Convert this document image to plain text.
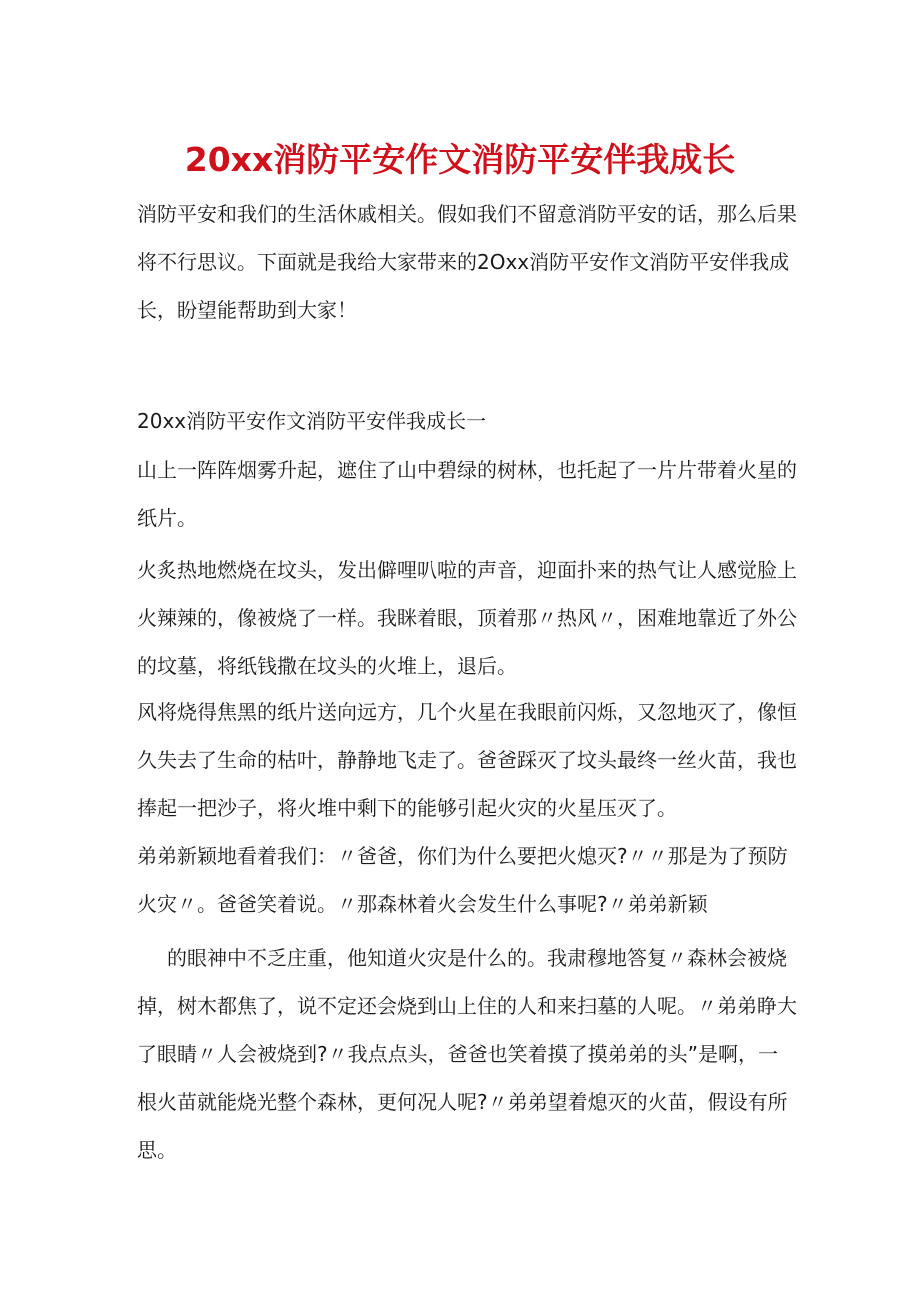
20xx消防平安作文消防平安伴我成长
消防平安和我们的生活休戚相关。假如我们不留意消防平安的话，那么后果
将不行思议。下面就是我给大家带来的2Oxx消防平安作文消防平安伴我成
长，盼望能帮助到大家！
20xx消防平安作文消防平安伴我成长一
山上一阵阵烟雾升起，遮住了山中碧绿的树林，也托起了一片片带着火星的
纸片。
火炙热地燃烧在坟头，发出僻哩叭啦的声音，迎面扑来的热气让人感觉脸上
火辣辣的，像被烧了一样。我眯着眼，顶着那〃热风〃，困难地靠近了外公
的坟墓，将纸钱撒在坟头的火堆上，退后。
风将烧得焦黑的纸片送向远方，几个火星在我眼前闪烁，又忽地灭了，像恒
久失去了生命的枯叶，静静地飞走了。爸爸踩灭了坟头最终一丝火苗，我也
捧起一把沙子，将火堆中剩下的能够引起火灾的火星压灭了。
弟弟新颖地看着我们：〃爸爸，你们为什么要把火熄灭?〃〃那是为了预防
火灾〃。爸爸笑着说。〃那森林着火会发生什么事呢?〃弟弟新颖
的眼神中不乏庄重，他知道火灾是什么的。我肃穆地答复〃森林会被烧
掉，树木都焦了，说不定还会烧到山上住的人和来扫墓的人呢。〃弟弟睁大
了眼睛〃人会被烧到?〃我点点头，爸爸也笑着摸了摸弟弟的头”是啊，一
根火苗就能烧光整个森林，更何况人呢?〃弟弟望着熄灭的火苗，假设有所
思。
